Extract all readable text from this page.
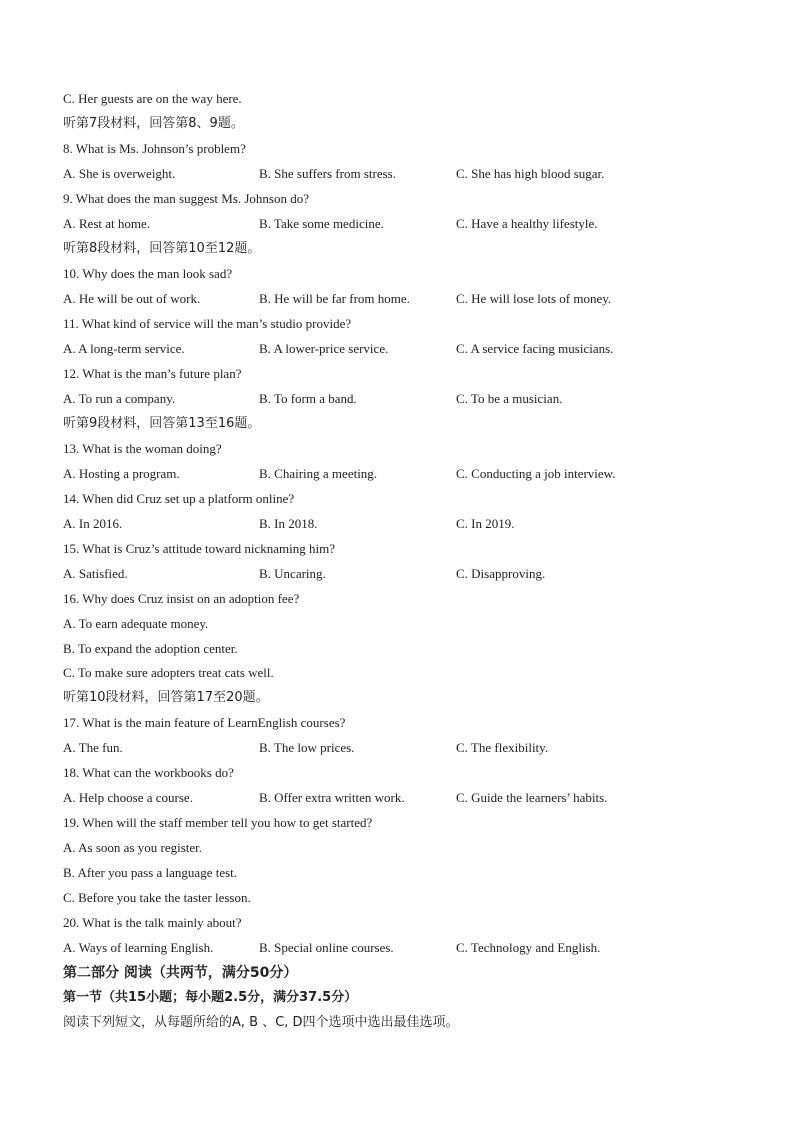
C. Her guests are on the way here.
听第7段材料，回答第8、9题。
8. What is Ms. Johnson’s problem?
A. She is overweight.	B. She suffers from stress.	C. She has high blood sugar.
9. What does the man suggest Ms. Johnson do?
A. Rest at home.	B. Take some medicine.	C. Have a healthy lifestyle.
听第8段材料，回答第10至12题。
10. Why does the man look sad?
A. He will be out of work.	B. He will be far from home.	C. He will lose lots of money.
11. What kind of service will the man’s studio provide?
A. A long-term service.	B. A lower-price service.	C. A service facing musicians.
12. What is the man’s future plan?
A. To run a company.	B. To form a band.	C. To be a musician.
听第9段材料，回答第13至16题。
13. What is the woman doing?
A. Hosting a program.	B. Chairing a meeting.	C. Conducting a job interview.
14. When did Cruz set up a platform online?
A. In 2016.	B. In 2018.	C. In 2019.
15. What is Cruz’s attitude toward nicknaming him?
A. Satisfied.	B. Uncaring.	C. Disapproving.
16. Why does Cruz insist on an adoption fee?
A. To earn adequate money.
B. To expand the adoption center.
C. To make sure adopters treat cats well.
听第10段材料，回答第17至20题。
17. What is the main feature of LearnEnglish courses?
A. The fun.	B. The low prices.	C. The flexibility.
18. What can the workbooks do?
A. Help choose a course.	B. Offer extra written work.	C. Guide the learners’ habits.
19. When will the staff member tell you how to get started?
A. As soon as you register.
B. After you pass a language test.
C. Before you take the taster lesson.
20. What is the talk mainly about?
A. Ways of learning English.	B. Special online courses.	C. Technology and English.
第二部分 阅读（共两节，满分50分）
第一节（共15小题；每小题2.5分，满分37.5分）
阅读下列短文，从每题所给的A, B 、C, D四个选项中选出最佳选项。
